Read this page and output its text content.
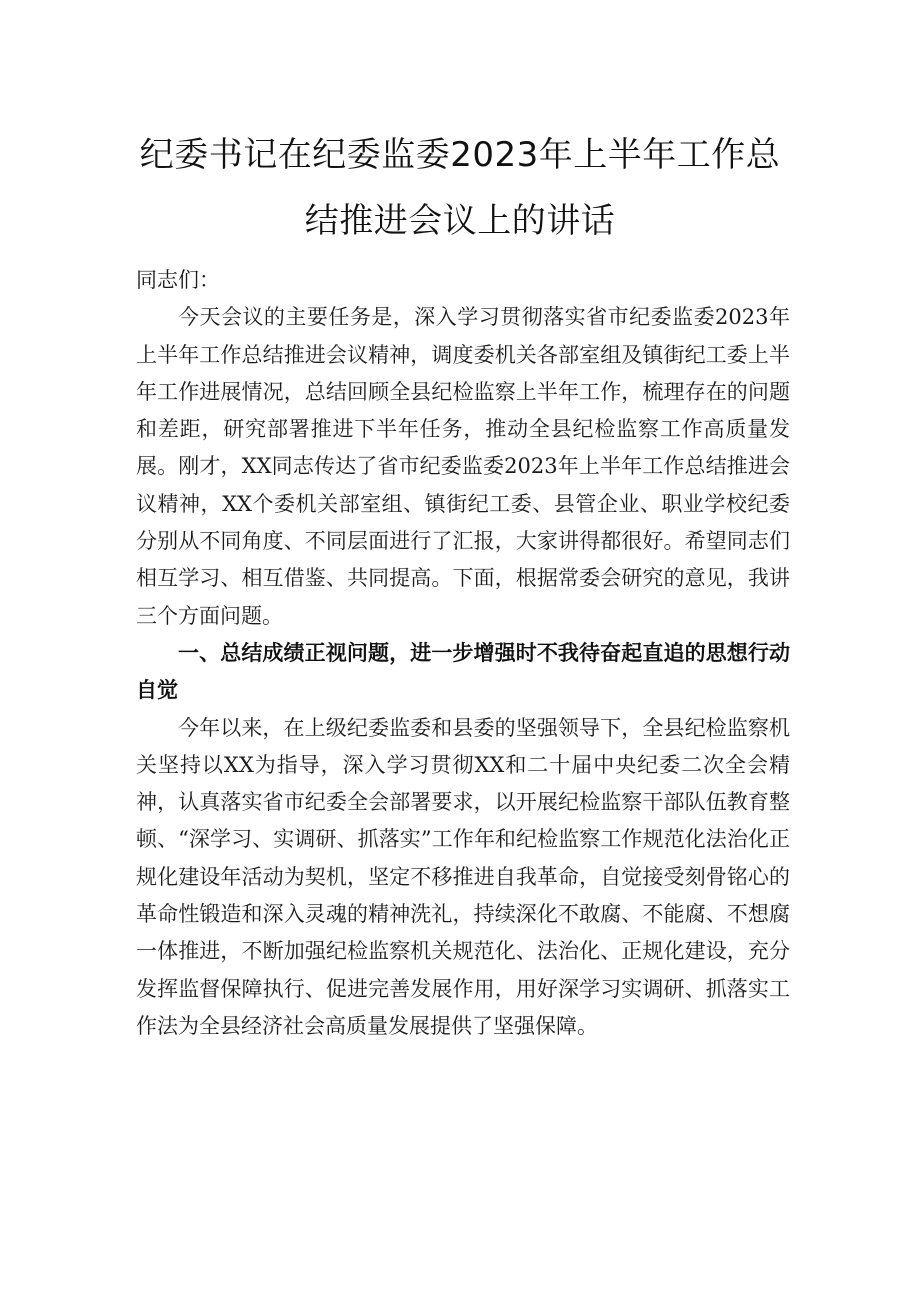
纪委书记在纪委监委2023年上半年工作总
结推进会议上的讲话

同志们：

今天会议的主要任务是，深入学习贯彻落实省市纪委监委2023年上半年工作总结推进会议精神，调度委机关各部室组及镇街纪工委上半年工作进展情况，总结回顾全县纪检监察上半年工作，梳理存在的问题和差距，研究部署推进下半年任务，推动全县纪检监察工作高质量发展。刚才，XX同志传达了省市纪委监委2023年上半年工作总结推进会议精神，XX个委机关部室组、镇街纪工委、县管企业、职业学校纪委分别从不同角度、不同层面进行了汇报，大家讲得都很好。希望同志们相互学习、相互借鉴、共同提高。下面，根据常委会研究的意见，我讲三个方面问题。

一、总结成绩正视问题，进一步增强时不我待奋起直追的思想行动自觉

今年以来，在上级纪委监委和县委的坚强领导下，全县纪检监察机关坚持以XX为指导，深入学习贯彻XX和二十届中央纪委二次全会精神，认真落实省市纪委全会部署要求，以开展纪检监察干部队伍教育整顿、“深学习、实调研、抓落实”工作年和纪检监察工作规范化法治化正规化建设年活动为契机，坚定不移推进自我革命，自觉接受刻骨铭心的革命性锻造和深入灵魂的精神洗礼，持续深化不敢腐、不能腐、不想腐一体推进，不断加强纪检监察机关规范化、法治化、正规化建设，充分发挥监督保障执行、促进完善发展作用，用好深学习实调研、抓落实工作法为全县经济社会高质量发展提供了坚强保障。
